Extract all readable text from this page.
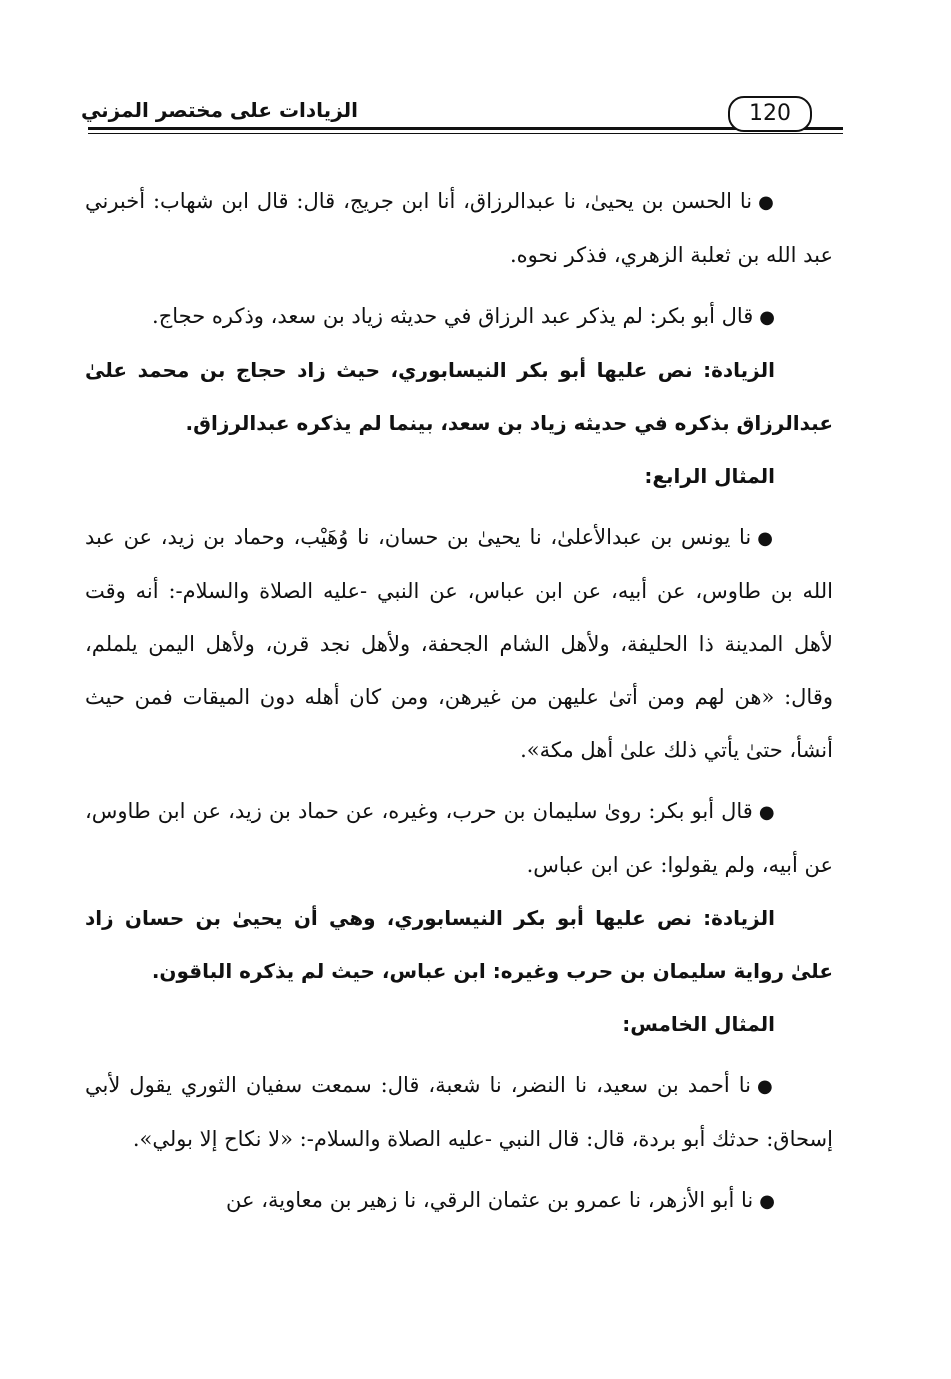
الزيادات على مختصر المزني	120

●نا الحسن بن يحيىٰ، نا عبدالرزاق، أنا ابن جريج، قال: قال ابن شهاب: أخبرني عبد الله بن ثعلبة الزهري، فذكر نحوه.

●قال أبو بكر: لم يذكر عبد الرزاق في حديثه زياد بن سعد، وذكره حجاج.

الزيادة: نص عليها أبو بكر النيسابوري، حيث زاد حجاج بن محمد علىٰ عبدالرزاق بذكره في حديثه زياد بن سعد، بينما لم يذكره عبدالرزاق.

المثال الرابع:

●نا يونس بن عبدالأعلىٰ، نا يحيىٰ بن حسان، نا وُهَيْب، وحماد بن زيد، عن عبد الله بن طاوس، عن أبيه، عن ابن عباس، عن النبي -عليه الصلاة والسلام-: أنه وقت لأهل المدينة ذا الحليفة، ولأهل الشام الجحفة، ولأهل نجد قرن، ولأهل اليمن يلملم، وقال: «هن لهم ومن أتىٰ عليهن من غيرهن، ومن كان أهله دون الميقات فمن حيث أنشأ، حتىٰ يأتي ذلك علىٰ أهل مكة».

●قال أبو بكر: روىٰ سليمان بن حرب، وغيره، عن حماد بن زيد، عن ابن طاوس، عن أبيه، ولم يقولوا: عن ابن عباس.

الزيادة: نص عليها أبو بكر النيسابوري، وهي أن يحيىٰ بن حسان زاد علىٰ رواية سليمان بن حرب وغيره: ابن عباس، حيث لم يذكره الباقون.

المثال الخامس:

●نا أحمد بن سعيد، نا النضر، نا شعبة، قال: سمعت سفيان الثوري يقول لأبي إسحاق: حدثك أبو بردة، قال: قال النبي -عليه الصلاة والسلام-: «لا نكاح إلا بولي».

●نا أبو الأزهر، نا عمرو بن عثمان الرقي، نا زهير بن معاوية، عن
